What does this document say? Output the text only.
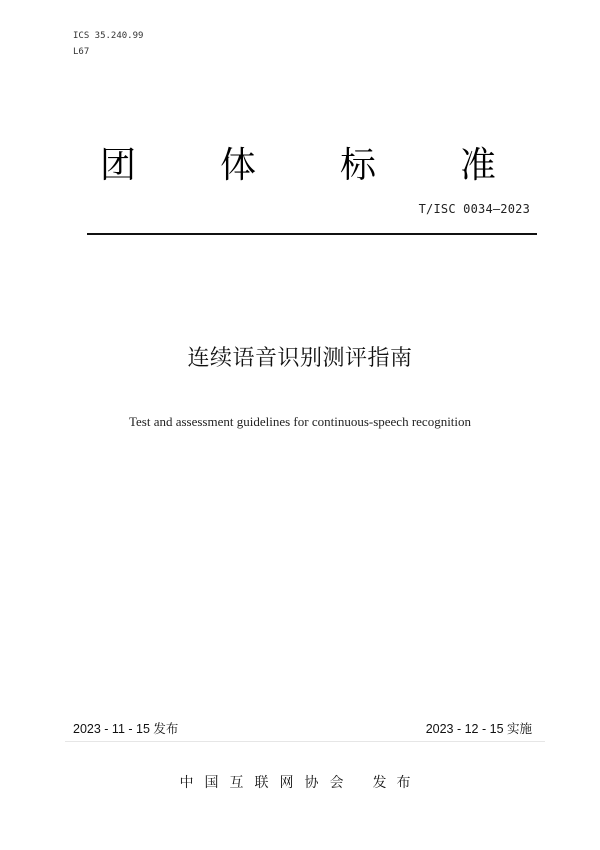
ICS 35.240.99
L67
团 体 标 准
T/ISC 0034—2023
连续语音识别测评指南
Test and assessment guidelines for continuous-speech recognition
2023 - 11 - 15 发布	2023 - 12 - 15 实施
中国互联网协会 发布
